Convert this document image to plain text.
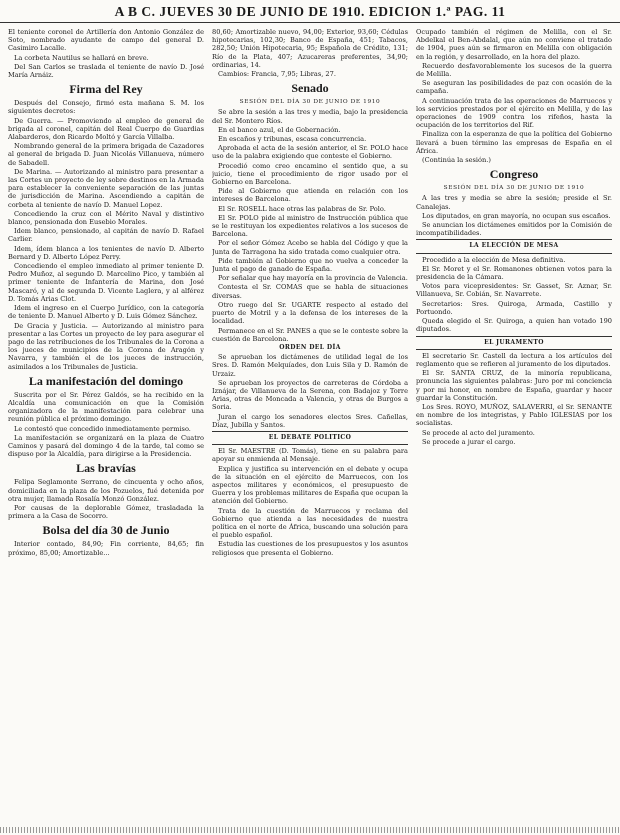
A B C. JUEVES 30 DE JUNIO DE 1910. EDICION 1.ª PAG. 11

El teniente coronel de Artillería don Antonio González de Soto, nombrado ayudante de campo del general D. Casimiro Lacalle.

La corbeta Nautilus se hallará en breve.

Del San Carlos se traslada el teniente de navío D. José María Arnáiz.

Firma del Rey

Después del Consejo, firmó esta mañana S. M. los siguientes decretos:

De Guerra. — Promoviendo al empleo de general de brigada al coronel, capitán del Real Cuerpo de Guardias Alabarderos, don Ricardo Moltó y García Villalba.

Nombrando general de la primera brigada de Cazadores al general de brigada D. Juan Nicolás Villanueva, número de Sabadell.

De Marina. — Autorizando al ministro para presentar a las Cortes un proyecto de ley sobre destinos en la Armada para establecer la conveniente separación de las juntas de jurisdicción de Marina. Ascendiendo a capitán de corbeta al teniente de navío D. Manuel Lopez.

Concediendo la cruz con el Mérito Naval y distintivo blanco, pensionada don Eusebio Morales.

Idem blanco, pensionado, al capitán de navío D. Rafael Carlier.

Idem, ídem blanca a los tenientes de navío D. Alberto Bernard y D. Alberto López Perry.

Concediendo el empleo inmediato al primer teniente D. Pedro Muñoz, al segundo D. Marcelino Pico, y también al primer teniente de Infantería de Marina, don José Mascaró, y al de segunda D. Vicente Laglera, y al alférez D. Tomás Arias Clot.

Idem el ingreso en el Cuerpo Jurídico, con la categoría de teniente D. Manuel Alberto y D. Luis Gómez Sánchez.

De Gracia y Justicia. — Autorizando al ministro para presentar a las Cortes un proyecto de ley para asegurar el pago de las retribuciones de los Tribunales de la Corona a los jueces de municipios de la Corona de Aragón y Navarra, y también el de los jueces de instrucción, asimilados a los Tribunales de Justicia.

La manifestación del domingo

Suscrita por el Sr. Pérez Galdós, se ha recibido en la Alcaldía una comunicación en que la Comisión organizadora de la manifestación para celebrar una reunión pública el próximo domingo.

Le contestó que concedido inmediatamente permiso.

La manifestación se organizará en la plaza de Cuatro Caminos y pasará del domingo 4 de la tarde, tal como se dispuso por la Alcaldía, para dirigirse a la Presidencia.

Las bravías

Felipa Seglamonte Serrano, de cincuenta y ocho años, domiciliada en la plaza de los Pozuelos, fué detenida por otra mujer, llamada Rosalía Monzó González.

Por causas de la deplorable Gómez, trasladada la primera a la Casa de Socorro.

Bolsa del día 30 de Junio

Interior contado, 84,90; Fin corriente, 84,65; fin próximo, 85,00; Amortizable...

80,60; Amortizable nuevo, 94,00; Exterior, 93,60; Cédulas hipotecarias, 102,30; Banco de España, 451; Tabacos, 282,50; Unión Hipotecaria, 95; Española de Crédito, 131; Río de la Plata, 407; Azucareras preferentes, 34,90; ordinarias, 14.

Cambios: Francia, 7,95; Libras, 27.

Senado
SESIÓN DEL DÍA 30 DE JUNIO DE 1910

Se abre la sesión a las tres y media, bajo la presidencia del Sr. Montero Ríos.

En el banco azul, el de Gobernación.

En escaños y tribunas, escasa concurrencia.

Aprobada el acta de la sesión anterior, el Sr. POLO hace uso de la palabra exigiendo que conteste el Gobierno.

Procedió como creo encamino el sentido que, a su juicio, tiene el procedimiento de rigor usado por el Gobierno en Barcelona.

Pide al Gobierno que atienda en relación con los intereses de Barcelona.

El Sr. ROSELL hace otras las palabras de Sr. Polo.

El Sr. POLO pide al ministro de Instrucción pública que se le restituyan los expedientes relativos a los sucesos de Barcelona.

Por el señor Gómez Acebo se habla del Código y que la Junta de Tarragona ha sido tratada como cualquier otra.

Pide también al Gobierno que no vuelva a conceder la Junta el pago de ganado de España.

Por señalar que hay mayoría en la provincia de Valencia.

Contesta el Sr. COMAS que se habla de situaciones diversas.

Otro ruego del Sr. UGARTE respecto al estado del puerto de Motril y a la defensa de los intereses de la localidad.

Permanece en el Sr. PANES a que se le conteste sobre la cuestión de Barcelona.

ORDEN DEL DÍA

Se aprueban los dictámenes de utilidad legal de los Sres. D. Ramón Melquíades, don Luis Sila y D. Ramón de Urzaiz.

Se aprueban los proyectos de carreteras de Córdoba a Iznájar, de Villanueva de la Serena, con Badajoz y Torre Arias, otras de Moncada a Valencia, y otras de Burgos a Soria.

Juran el cargo los senadores electos Sres. Cañellas, Díaz, Jubilla y Santos.

EL DEBATE POLITICO

El Sr. MAESTRE (D. Tomás), tiene en su palabra para apoyar su enmienda al Mensaje.

Explica y justifica su intervención en el debate y ocupa de la situación en el ejército de Marruecos, con los aspectos militares y económicos, el presupuesto de Guerra y los problemas militares de España que ocupan la atención del Gobierno.

Trata de la cuestión de Marruecos y reclama del Gobierno que atienda a las necesidades de nuestra política en el norte de África, buscando una solución para el pueblo español.

Estudia las cuestiones de los presupuestos y los asuntos religiosos que presenta el Gobierno.

Ocupado también el régimen de Melilla, con el Sr. Abdelkal el Ben-Abdalal, que aún no conviene el tratado de 1904, pues aún se firmaron en Melilla con obligación en la región, y desarrollado, en la hora del plazo.

Recuerdo desfavorablemente los sucesos de la guerra de Melilla.

Se aseguran las posibilidades de paz con ocasión de la campaña.

A continuación trata de las operaciones de Marruecos y los servicios prestados por el ejército en Melilla, y de las operaciones de 1909 contra los rifeños, hasta la ocupación de los territorios del Rif.

Finaliza con la esperanza de que la política del Gobierno llevará a buen término las empresas de España en el África.

(Continúa la sesión.)

Congreso
SESIÓN DEL DÍA 30 DE JUNIO DE 1910

A las tres y media se abre la sesión; preside el Sr. Canalejas.

Los diputados, en gran mayoría, no ocupan sus escaños.

Se anuncian los dictámenes emitidos por la Comisión de incompatibilidades.

LA ELECCIÓN DE MESA

Procedido a la elección de Mesa definitiva.

El Sr. Moret y el Sr. Romanones obtienen votos para la presidencia de la Cámara.

Votos para vicepresidentes: Sr. Gasset, Sr. Aznar, Sr. Villanueva, Sr. Cobián, Sr. Navarrete.

Secretarios: Sres. Quiroga, Armada, Castillo y Portuondo.

Queda elegido el Sr. Quiroga, a quien han votado 190 diputados.

EL JURAMENTO

El secretario Sr. Castell da lectura a los artículos del reglamento que se refieren al juramento de los diputados.

El Sr. SANTA CRUZ, de la minoría republicana, pronuncia las siguientes palabras: Juro por mi conciencia y por mi honor, en nombre de España, guardar y hacer guardar la Constitución.

Los Sres. ROYO, MUÑOZ, SALAVERRI, el Sr. SENANTE en nombre de los integristas, y Pablo IGLESIAS por los socialistas.

Se procede al acto del juramento.

Se procede a jurar el cargo.
